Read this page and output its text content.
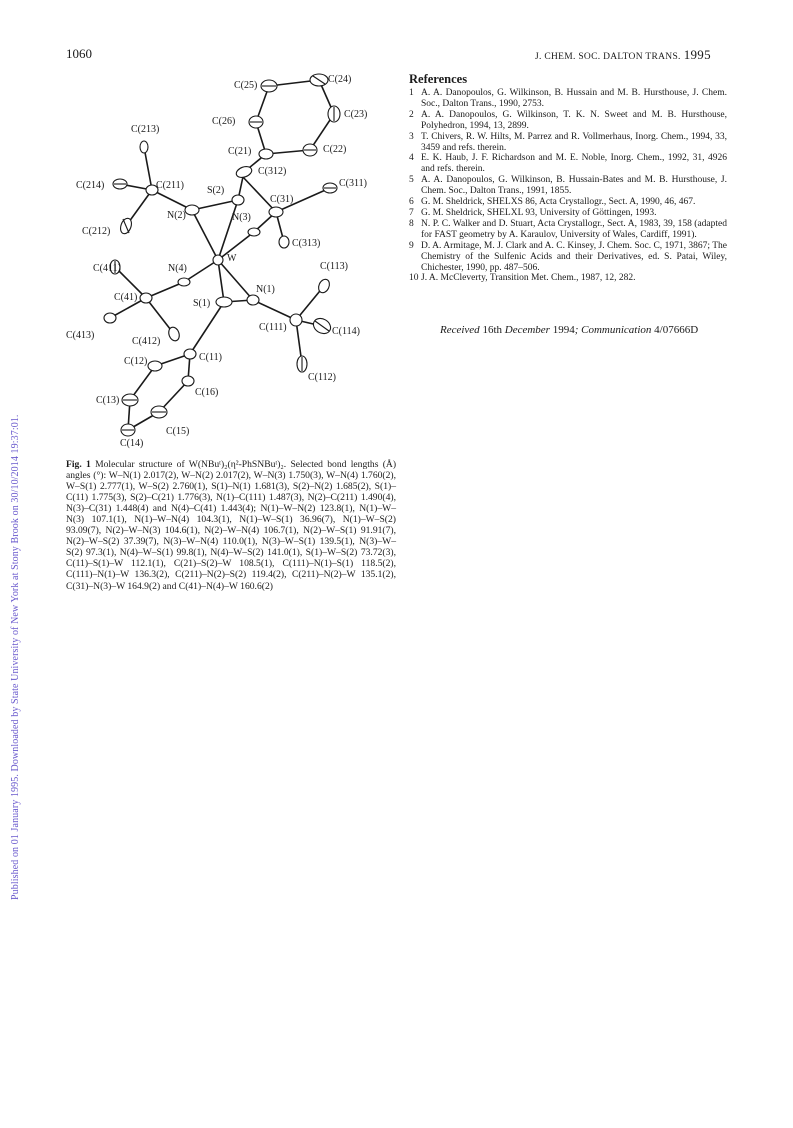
Published on 01 January 1995. Downloaded by State University of New York at Stony Brook on 30/10/2014 19:37:01.
1060	J. CHEM. SOC. DALTON TRANS. 1995
C(25)
C(24)
C(23)
C(26)
C(22)
C(21)
C(213)
C(312)
S(2)
C(214)	C(211)	C(311)
C(31)
N(2)	N(3)
C(212)
C(313)
W
C(411)	N(4)	C(113)
N(1)
C(41)
S(1)
C(111)	C(114)
C(413)
C(412)
C(12)	C(11)
C(112)
C(16)
C(13)
C(15)
C(14)
Fig. 1 Molecular structure of W(NBuᵗ)₂(η²-PhSNBuᵗ)₂. Selected bond lengths (Å) angles (°): W–N(1) 2.017(2), W–N(2) 2.017(2), W–N(3) 1.750(3), W–N(4) 1.760(2), W–S(1) 2.777(1), W–S(2) 2.760(1), S(1)–N(1) 1.681(3), S(2)–N(2) 1.685(2), S(1)–C(11) 1.775(3), S(2)–C(21) 1.776(3), N(1)–C(111) 1.487(3), N(2)–C(211) 1.490(4), N(3)–C(31) 1.448(4) and N(4)–C(41) 1.443(4); N(1)–W–N(2) 123.8(1), N(1)–W–N(3) 107.1(1), N(1)–W–N(4) 104.3(1), N(1)–W–S(1) 36.96(7), N(1)–W–S(2) 93.09(7), N(2)–W–N(3) 104.6(1), N(2)–W–N(4) 106.7(1), N(2)–W–S(1) 91.91(7), N(2)–W–S(2) 37.39(7), N(3)–W–N(4) 110.0(1), N(3)–W–S(1) 139.5(1), N(3)–W–S(2) 97.3(1), N(4)–W–S(1) 99.8(1), N(4)–W–S(2) 141.0(1), S(1)–W–S(2) 73.72(3), C(11)–S(1)–W 112.1(1), C(21)–S(2)–W 108.5(1), C(111)–N(1)–S(1) 118.5(2), C(111)–N(1)–W 136.3(2), C(211)–N(2)–S(2) 119.4(2), C(211)–N(2)–W 135.1(2), C(31)–N(3)–W 164.9(2) and C(41)–N(4)–W 160.6(2)
References
1 A. A. Danopoulos, G. Wilkinson, B. Hussain and M. B. Hursthouse, J. Chem. Soc., Dalton Trans., 1990, 2753.
2 A. A. Danopoulos, G. Wilkinson, T. K. N. Sweet and M. B. Hursthouse, Polyhedron, 1994, 13, 2899.
3 T. Chivers, R. W. Hilts, M. Parrez and R. Vollmerhaus, Inorg. Chem., 1994, 33, 3459 and refs. therein.
4 E. K. Haub, J. F. Richardson and M. E. Noble, Inorg. Chem., 1992, 31, 4926 and refs. therein.
5 A. A. Danopoulos, G. Wilkinson, B. Hussain-Bates and M. B. Hursthouse, J. Chem. Soc., Dalton Trans., 1991, 1855.
6 G. M. Sheldrick, SHELXS 86, Acta Crystallogr., Sect. A, 1990, 46, 467.
7 G. M. Sheldrick, SHELXL 93, University of Göttingen, 1993.
8 N. P. C. Walker and D. Stuart, Acta Crystallogr., Sect. A, 1983, 39, 158 (adapted for FAST geometry by A. Karaulov, University of Wales, Cardiff, 1991).
9 D. A. Armitage, M. J. Clark and A. C. Kinsey, J. Chem. Soc. C, 1971, 3867; The Chemistry of the Sulfenic Acids and their Derivatives, ed. S. Patai, Wiley, Chichester, 1990, pp. 487–506.
10 J. A. McCleverty, Transition Met. Chem., 1987, 12, 282.
Received 16th December 1994; Communication 4/07666D
